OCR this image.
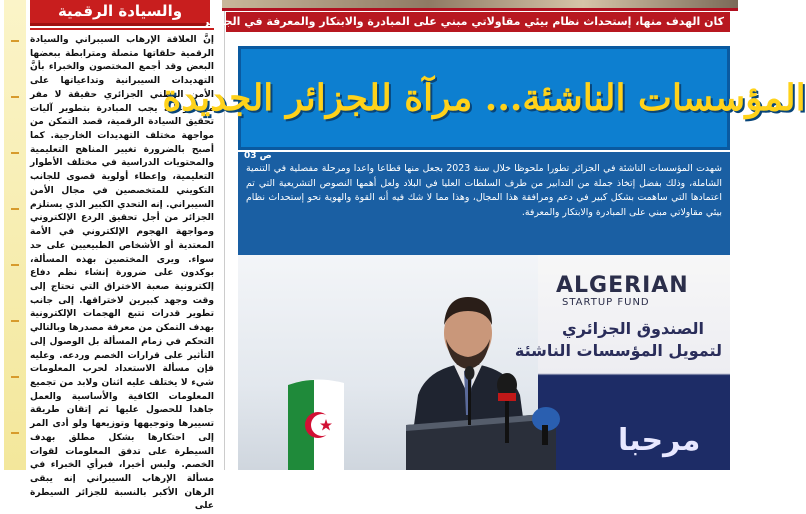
والسيادة الرقمية
إنَّ العلاقة الإرهاب السيبراني والسيادة الرقمية حلقاتها متصلة ومترابطة ببعضها البعض وقد أجمع المختصون والخبراء بأنَّ التهديدات السيبرانية وتداعياتها على الأمن الوطني الجزائري حقيقة لا مفر منها وعليه يجب المبادرة بتطوير آليات تحقيق السيادة الرقمية، قصد التمكن من مواجهة مختلف التهديدات الخارجية. كما أصبح بالضرورة تغيير المناهج التعليمية والمحتويات الدراسية في مختلف الأطوار التعليمية، وإعطاء أولوية قصوى للجانب التكويني للمتخصصين في مجال الأمن السيبراني. إنه التحدي الكبير الذي يستلزم الجزائر من أجل تحقيق الردع الإلكتروني ومواجهة الهجوم الإلكتروني في الأمة المعتدية أو الأشخاص الطبيعيين على حد سواء. ويرى المختصين بهذه المسألة، بوكدون على ضرورة إنشاء نظم دفاع إلكترونية صعبة الاختراق التي تحتاج إلى وقت وجهد كبيرين لاختراقها. إلى جانب تطوير قدرات تتبع الهجمات الإلكترونية بهدف التمكن من معرفة مصدرها وبالتالي التحكم في زمام المسألة بل الوصول إلى التأثير على قرارات الخصم وردعه. وعليه فإن مسألة الاستعداد لحرب المعلومات شيء لا يختلف عليه اثنان ولابد من تجميع المعلومات الكافية والأساسية والعمل جاهدا للحصول عليها ثم إتقان طريقة تسييرها وتوجيهها وتوزيعها ولو أدى المر إلى احتكارها بشكل مطلق بهدف السيطرة على تدفق المعلومات لقوات الخصم. وليس أخيرا، فبرأي الخبراء في مسألة الإرهاب السيبراني إنه يبقى الرهان الأكبر بالنسبة للجزائر السيطرة على
كان الهدف منها، إستحداث نظام بيئي مقاولاتي مبني على المبادرة والابتكار والمعرفة في الجزائر
المؤسسات الناشئة... مرآة للجزائر الجديدة
ص 03
شهدت المؤسسات الناشئة في الجزائر تطورا ملحوظا خلال سنة 2023 بجعل منها قطاعا واعدا ومرحلة مفصلية في التنمية الشاملة، وذلك بفضل إتخاذ جملة من التدابير من طرف السلطات العليا في البلاد ولعل أهمها النصوص التشريعية التي تم اعتمادها التي ساهمت بشكل كبير في دعم ومرافقة هذا المجال، وهذا مما لا شك فيه أنه القوة والهوية نحو إستحداث نظام بيئي مقاولاتي مبني على المبادرة والابتكار والمعرفة.
ALGERIAN
STARTUP FUND
الصندوق الجزائري
لتمويل المؤسسات الناشئة
مرحبا
